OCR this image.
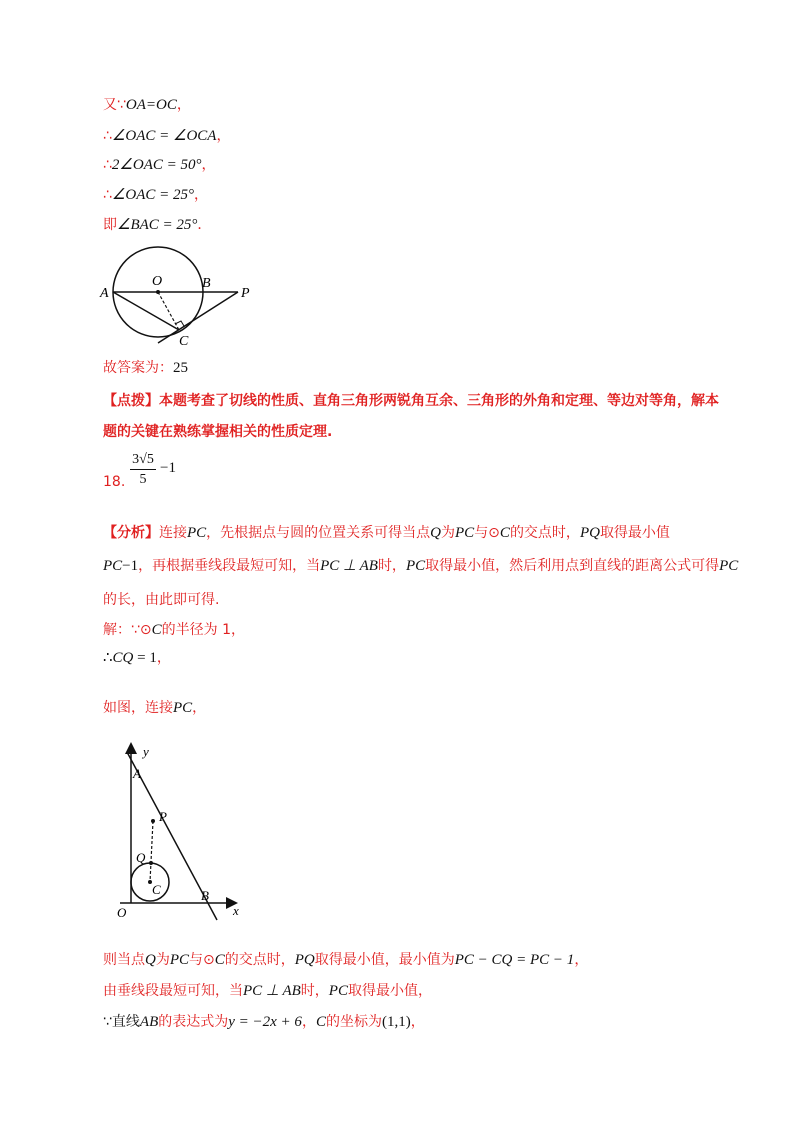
又∵OA=OC，
∴∠OAC = ∠OCA，
∴2∠OAC = 50°，
∴∠OAC = 25°，
即∠BAC = 25°．
A
O	B
P
C
故答案为：25
【点拨】本题考查了切线的性质、直角三角形两锐角互余、三角形的外角和定理、等边对等角，解本
题的关键在熟练掌握相关的性质定理.
18.
3√5
5
−1
【分析】连接PC，先根据点与圆的位置关系可得当点Q为PC与⊙C的交点时，PQ取得最小值
PC−1，再根据垂线段最短可知，当PC ⊥ AB时，PC取得最小值，然后利用点到直线的距离公式可得PC
的长，由此即可得.
解：∵⊙C的半径为 1，
∴CQ = 1，
如图，连接PC，
y
A
P
Q
C
O
B
x
则当点Q为PC与⊙C的交点时，PQ取得最小值，最小值为PC − CQ = PC − 1，
由垂线段最短可知，当PC ⊥ AB时，PC取得最小值，
∵直线AB的表达式为y = −2x + 6，C的坐标为(1,1)，
